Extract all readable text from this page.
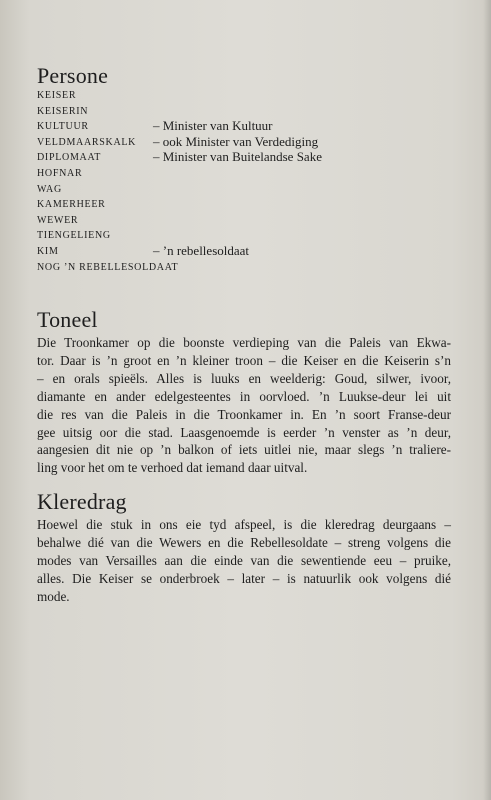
Persone
KEISER
KEISERIN
KULTUUR	– Minister van Kultuur
VELDMAARSKALK – ook Minister van Verdediging
DIPLOMAAT	– Minister van Buitelandse Sake
HOFNAR
WAG
KAMERHEER
WEWER
TIENGELIENG
KIM	– ’n rebellesoldaat
NOG ’N REBELLESOLDAAT
Toneel

Die Troonkamer op die boonste verdieping van die Paleis van Ekwa-
tor. Daar is ’n groot en ’n kleiner troon – die Keiser en die Keiserin s’n
– en orals spieëls. Alles is luuks en weelderig: Goud, silwer, ivoor,
diamante en ander edelgesteentes in oorvloed. ’n Luukse-deur lei uit
die res van die Paleis in die Troonkamer in. En ’n soort Franse-deur
gee uitsig oor die stad. Laasgenoemde is eerder ’n venster as ’n deur,
aangesien dit nie op ’n balkon of iets uitlei nie, maar slegs ’n traliere-
ling voor het om te verhoed dat iemand daar uitval.

Kleredrag

Hoewel die stuk in ons eie tyd afspeel, is die kleredrag deurgaans –
behalwe dié van die Wewers en die Rebellesoldate – streng volgens die
modes van Versailles aan die einde van die sewentiende eeu – pruike,
alles. Die Keiser se onderbroek – later – is natuurlik ook volgens dié
mode.
